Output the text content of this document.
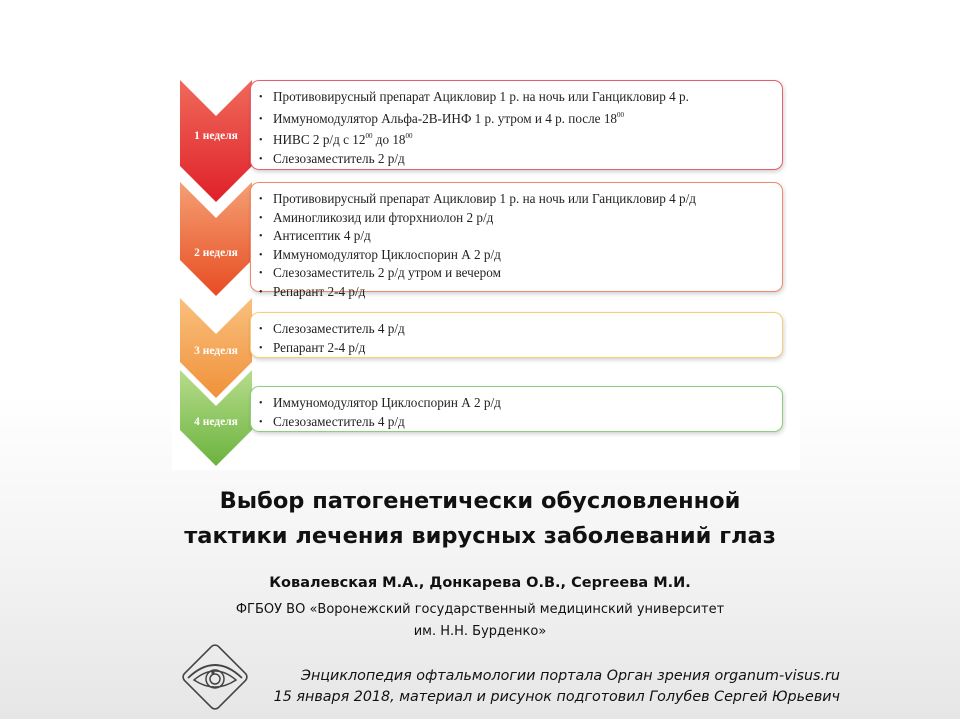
1 неделя
• Противовирусный препарат Ацикловир 1 р. на ночь или Ганцикловир 4 р.
• Иммуномодулятор Альфа-2В-ИНФ 1 р. утром и 4 р. после $18^{00}$
• НИВС 2 р/д с $12^{00}$ до $18^{00}$
• Слезозаместитель 2 р/д
2 неделя
• Противовирусный препарат Ацикловир 1 р. на ночь или Ганцикловир 4 р/д
• Аминогликозид или фторхниолон 2 р/д
• Антисептик 4 р/д
• Иммуномодулятор Циклоспорин А 2 р/д
• Слезозаместитель 2 р/д утром и вечером
• Репарант 2-4 р/д
3 неделя
• Слезозаместитель 4 р/д
• Репарант 2-4 р/д
4 неделя
• Иммуномодулятор Циклоспорин А 2 р/д
• Слезозаместитель 4 р/д
Выбор патогенетически обусловленной
тактики лечения вирусных заболеваний глаз
Ковалевская М.А., Донкарева О.В., Сергеева М.И.
ФГБОУ ВО «Воронежский государственный медицинский университет
им. Н.Н. Бурденко»
Энциклопедия офтальмологии портала Орган зрения organum-visus.ru
15 января 2018, материал и рисунок подготовил Голубев Сергей Юрьевич
